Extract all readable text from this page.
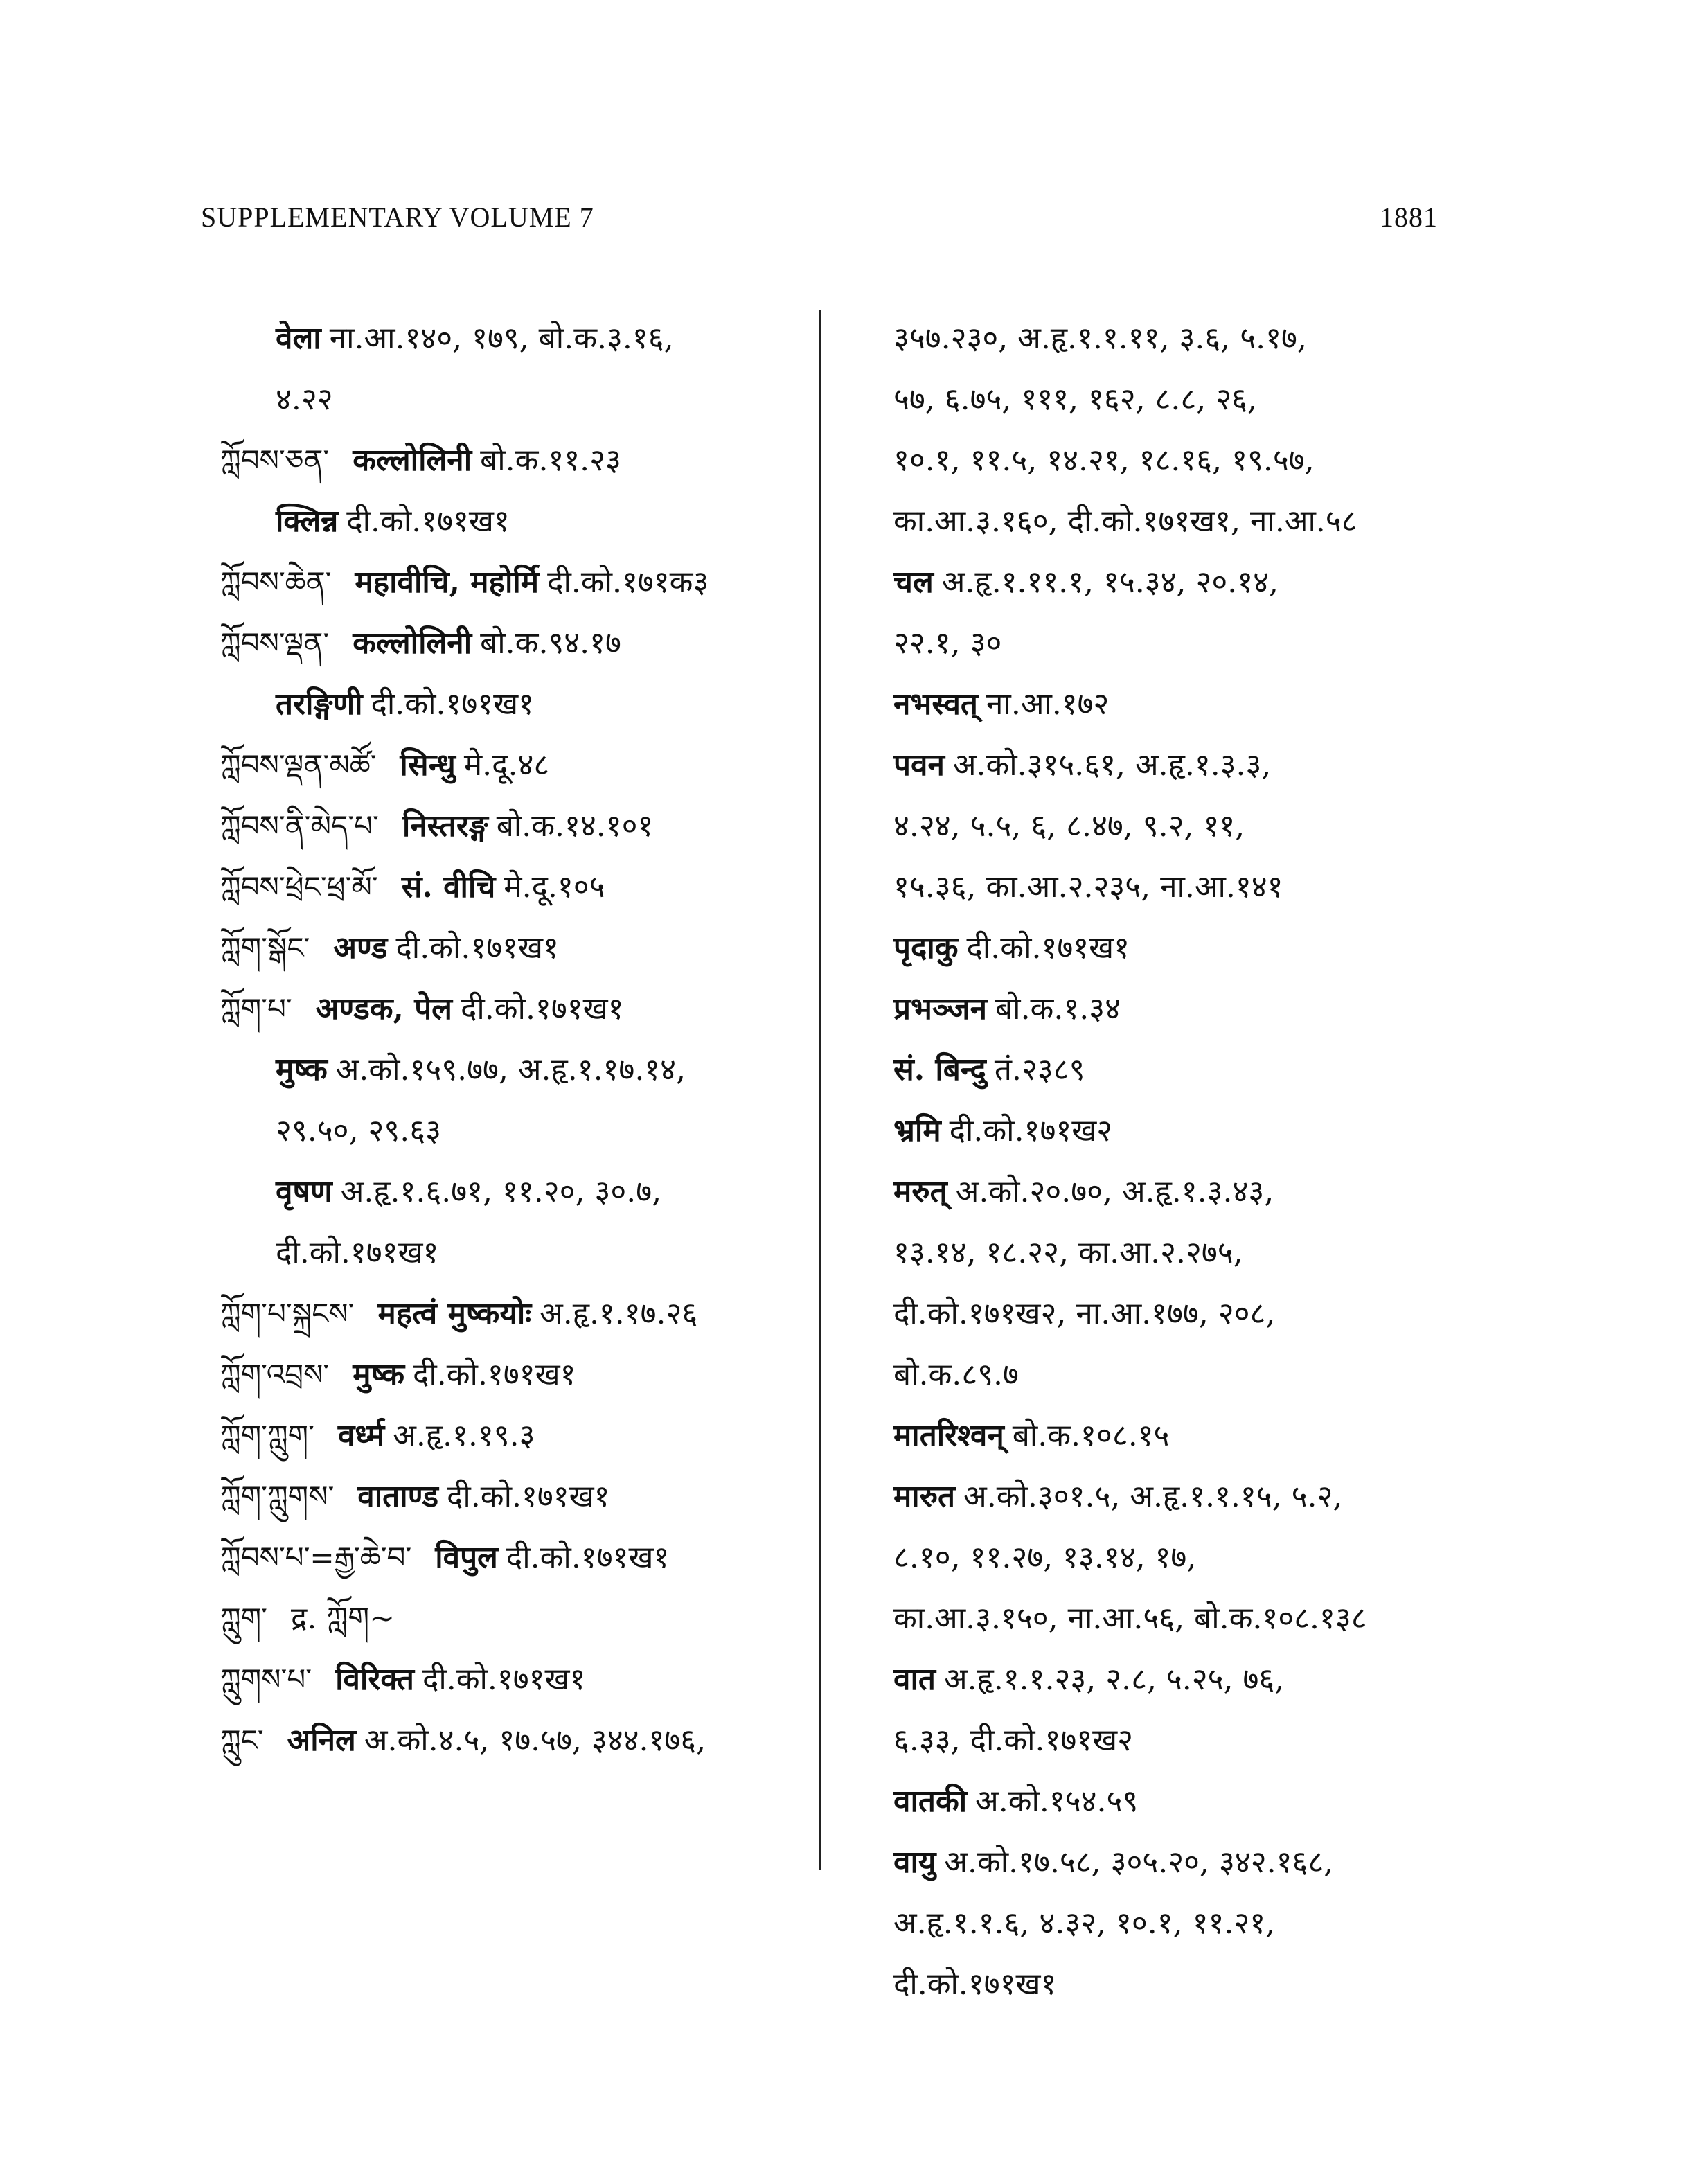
SUPPLEMENTARY VOLUME 7	1881
वेला ना.आ.१४०, १७९, बो.क.३.१६,
४.२२
ཀློབས་ཅན་ कल्लोलिनी बो.क.११.२३
क्लिन्न दी.को.१७१ख१
ཀློབས་ཆེན་ महावीचि, महोर्मि दी.को.१७१क३
ཀློབས་ལྡན་ कल्लोलिनी बो.क.९४.१७
तरङ्गिणी दी.को.१७१ख१
ཀློབས་ལྡན་མཚོ་ सिन्धु मे.दू.४८
ཀློབས་ནི་མེད་པ་ निस्तरङ्ग बो.क.१४.१०१
ཀློབས་ཕྲེང་ཕྲ་མོ་ सं. वीचि मे.दू.१०५
ཀློག་སྒོང་ अण्ड दी.को.१७१ख१
ཀློག་པ་ अण्डक, पेल दी.को.१७१ख१
मुष्क अ.को.१५९.७७, अ.हृ.१.१७.१४,
२९.५०, २९.६३
वृषण अ.हृ.१.६.७१, ११.२०, ३०.७,
दी.को.१७१ख१
ཀློག་པ་སྐྲངས་ महत्वं मुष्कयोः अ.हृ.१.१७.२६
ཀློག་འབྲས་ मुष्क दी.को.१७१ख१
ཀློག་ཀླུག་ वर्ध्म अ.हृ.१.१९.३
ཀློག་ཀླུགས་ वाताण्ड दी.को.१७१ख१
ཀློབས་པ་=རྒྱ་ཆེ་བ་ विपुल दी.को.१७१ख१
ཀླུག་ द्र. ཀློག~
ཀླུགས་པ་ विरिक्त दी.को.१७१ख१
ཀླུང་ अनिल अ.को.४.५, १७.५७, ३४४.१७६,
३५७.२३०, अ.हृ.१.१.११, ३.६, ५.१७,
५७, ६.७५, १११, १६२, ८.८, २६,
१०.१, ११.५, १४.२१, १८.१६, १९.५७,
का.आ.३.१६०, दी.को.१७१ख१, ना.आ.५८
चल अ.हृ.१.११.१, १५.३४, २०.१४,
२२.१, ३०
नभस्वत् ना.आ.१७२
पवन अ.को.३१५.६१, अ.हृ.१.३.३,
४.२४, ५.५, ६, ८.४७, ९.२, ११,
१५.३६, का.आ.२.२३५, ना.आ.१४१
पृदाकु दी.को.१७१ख१
प्रभञ्जन बो.क.१.३४
सं. बिन्दु तं.२३८९
भ्रमि दी.को.१७१ख२
मरुत् अ.को.२०.७०, अ.हृ.१.३.४३,
१३.१४, १८.२२, का.आ.२.२७५,
दी.को.१७१ख२, ना.आ.१७७, २०८,
बो.क.८९.७
मातरिश्वन् बो.क.१०८.१५
मारुत अ.को.३०१.५, अ.हृ.१.१.१५, ५.२,
८.१०, ११.२७, १३.१४, १७,
का.आ.३.१५०, ना.आ.५६, बो.क.१०८.१३८
वात अ.हृ.१.१.२३, २.८, ५.२५, ७६,
६.३३, दी.को.१७१ख२
वातकी अ.को.१५४.५९
वायु अ.को.१७.५८, ३०५.२०, ३४२.१६८,
अ.हृ.१.१.६, ४.३२, १०.१, ११.२१,
दी.को.१७१ख१
